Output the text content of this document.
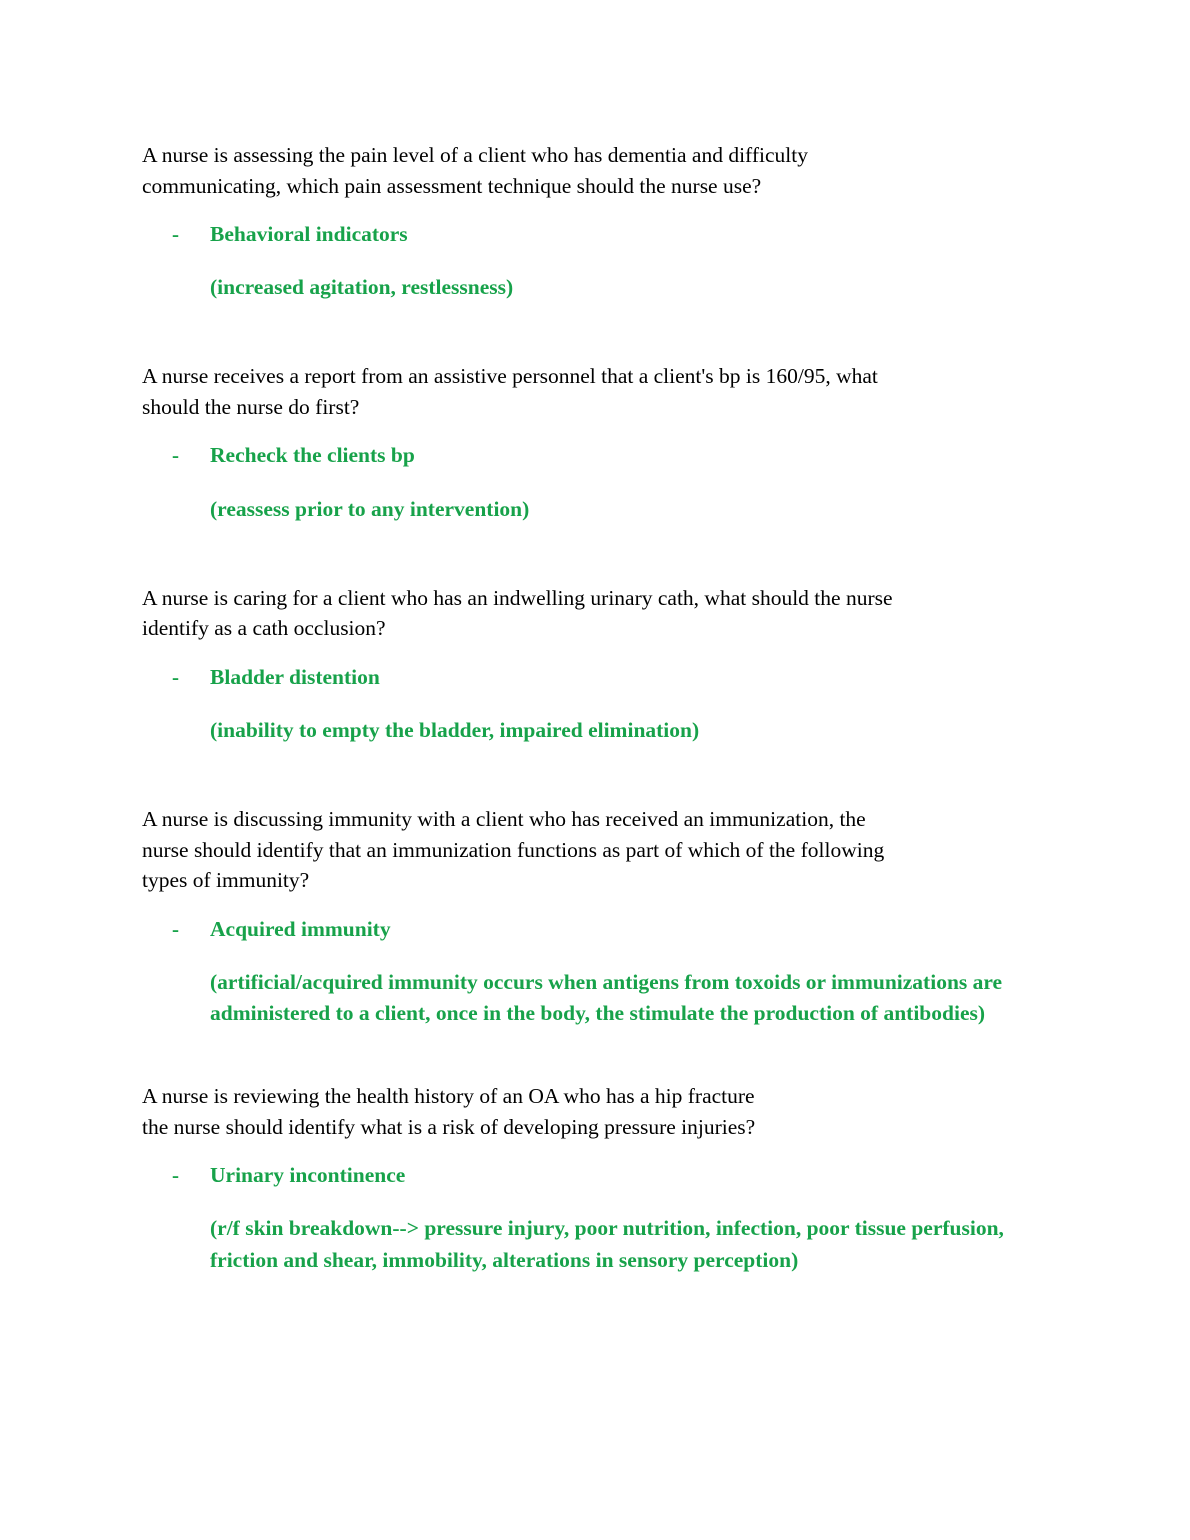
A nurse is assessing the pain level of a client who has dementia and difficulty
communicating, which pain assessment technique should the nurse use?
-	Behavioral indicators
(increased agitation, restlessness)
A nurse receives a report from an assistive personnel that a client's bp is 160/95, what
should the nurse do first?
-	Recheck the clients bp
(reassess prior to any intervention)
A nurse is caring for a client who has an indwelling urinary cath, what should the nurse
identify as a cath occlusion?
-	Bladder distention
(inability to empty the bladder, impaired elimination)
A nurse is discussing immunity with a client who has received an immunization, the
nurse should identify that an immunization functions as part of which of the following
types of immunity?
-	Acquired immunity
(artificial/acquired immunity occurs when antigens from toxoids or immunizations are administered to a client, once in the body, the stimulate the production of antibodies)
A nurse is reviewing the health history of an OA who has a hip fracture
the nurse should identify what is a risk of developing pressure injuries?
-	Urinary incontinence
(r/f skin breakdown--> pressure injury, poor nutrition, infection, poor tissue perfusion, friction and shear, immobility, alterations in sensory perception)
